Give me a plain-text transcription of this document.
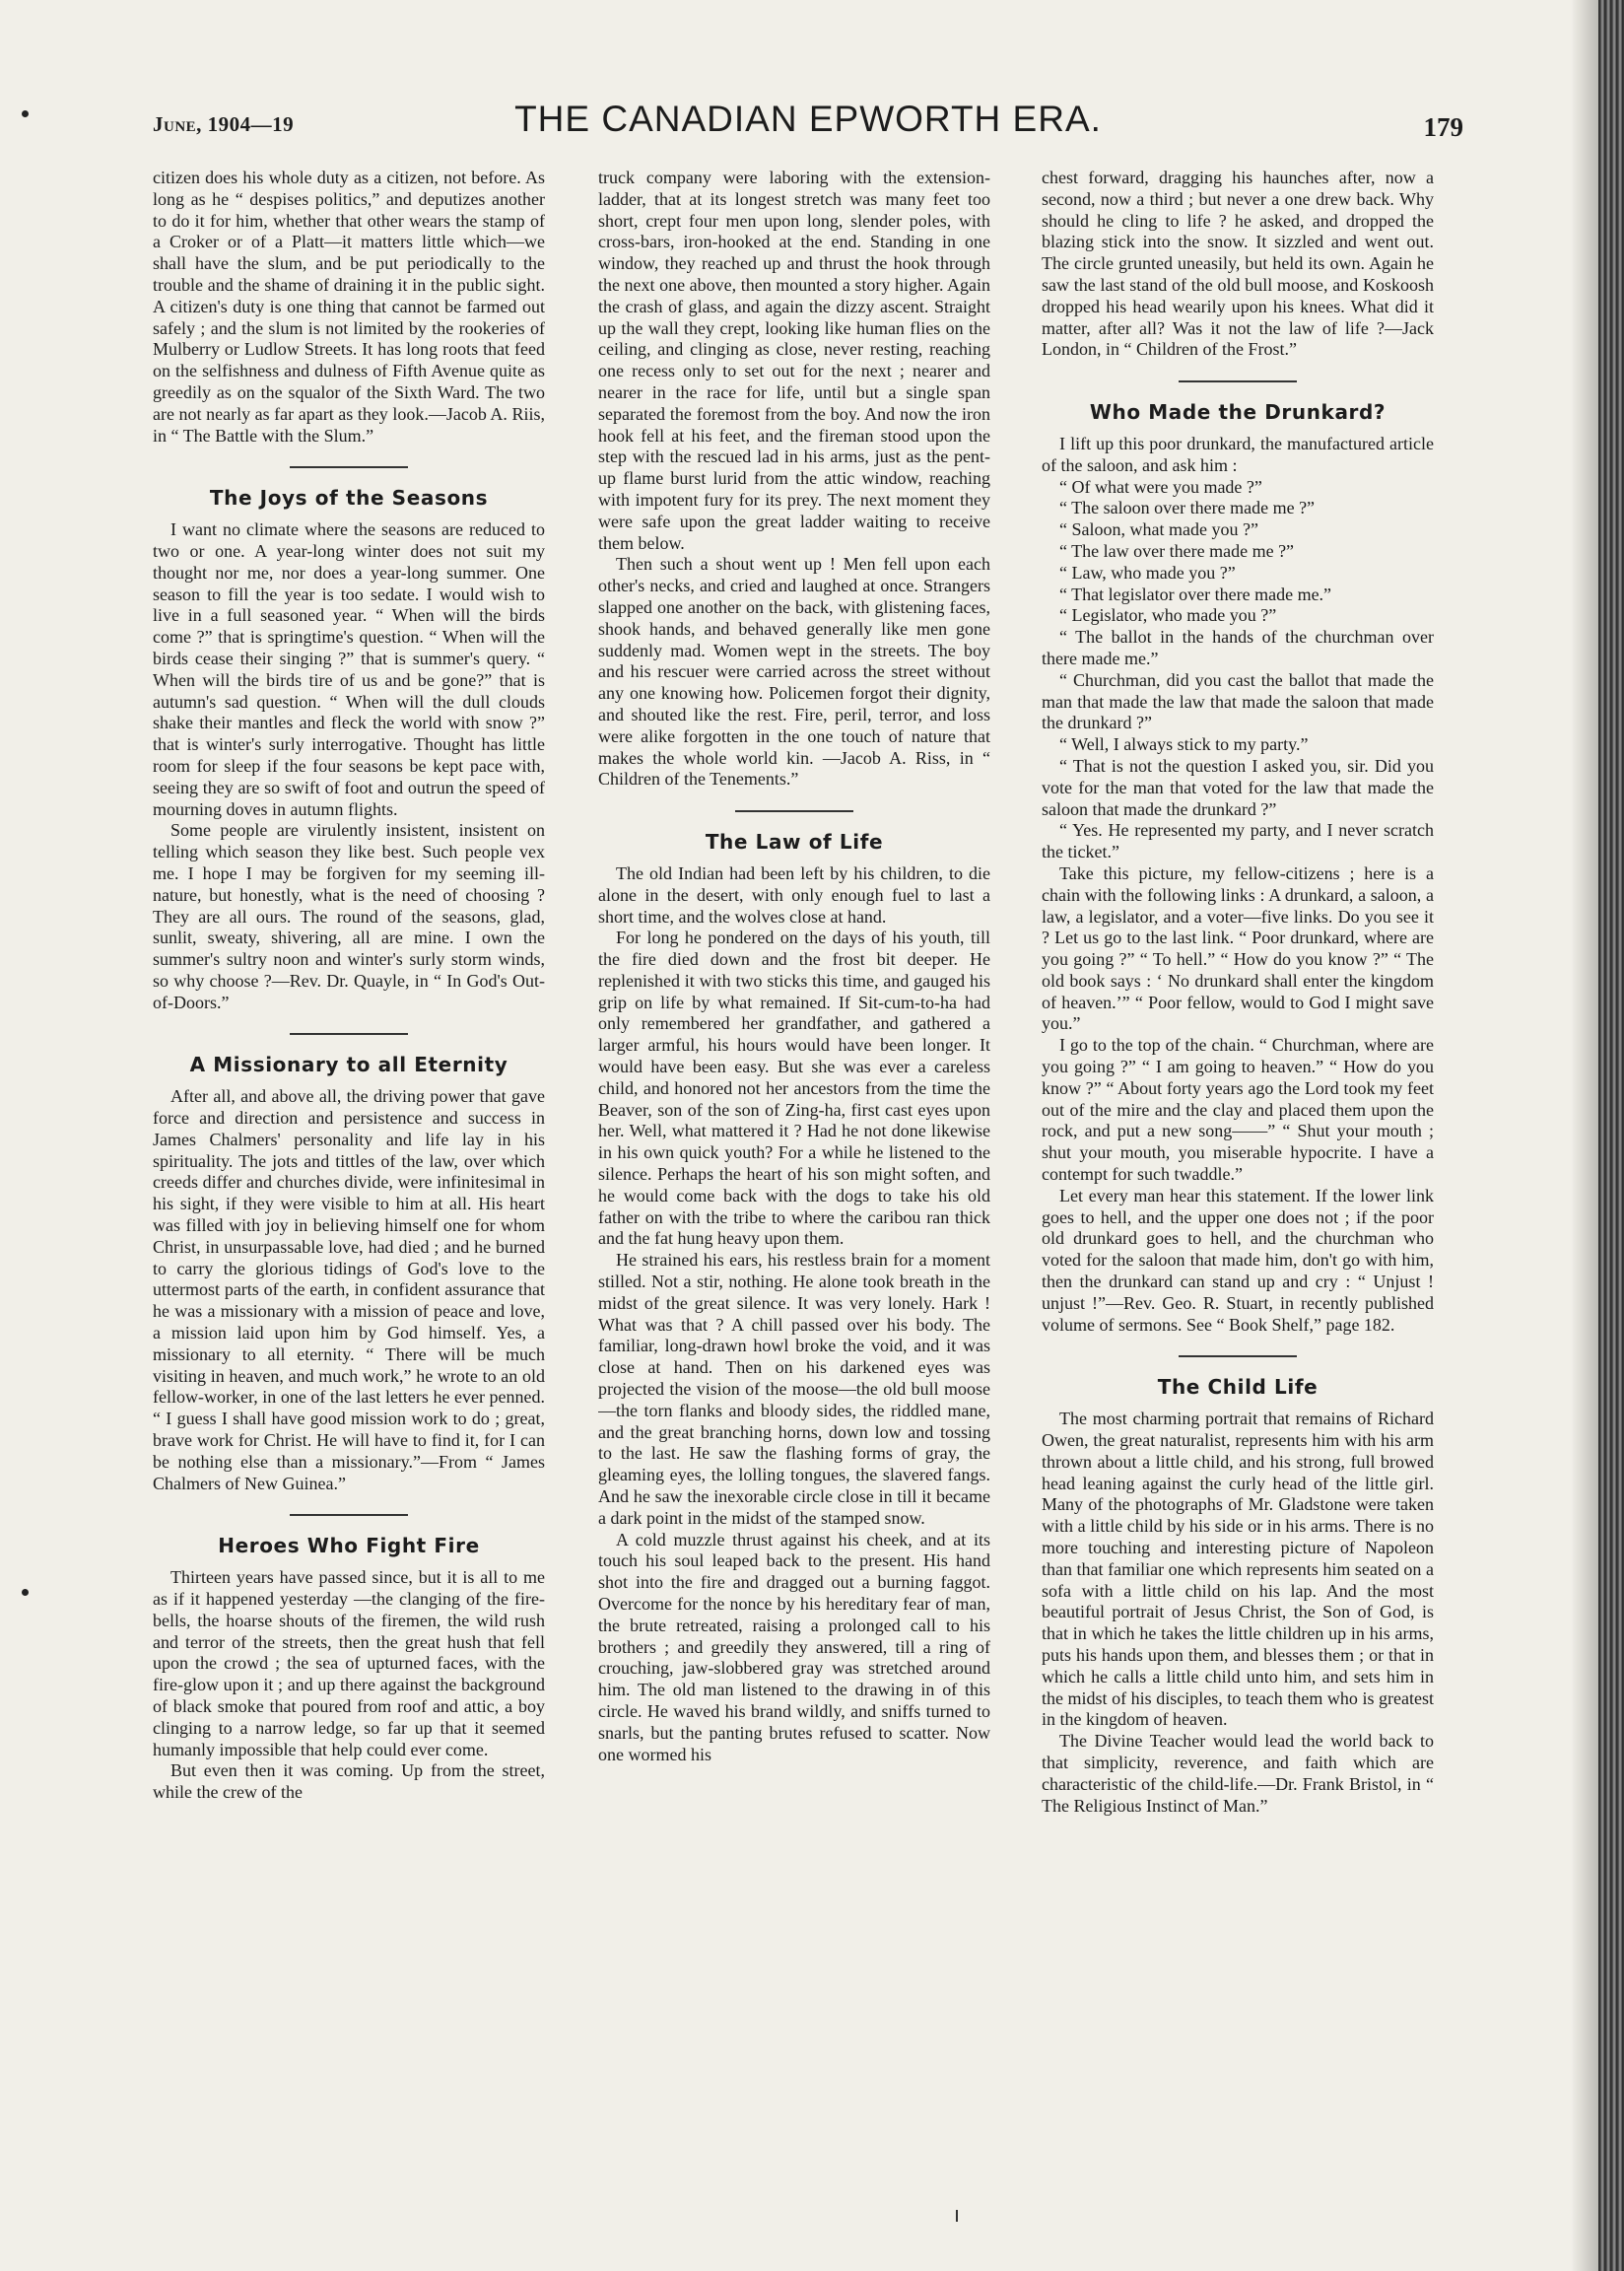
June, 1904—19	THE CANADIAN EPWORTH ERA.	179

citizen does his whole duty as a citizen, not before. As long as he “ despises politics,” and deputizes another to do it for him, whether that other wears the stamp of a Croker or of a Platt—it matters little which—we shall have the slum, and be put periodically to the trouble and the shame of draining it in the public sight. A citizen's duty is one thing that cannot be farmed out safely ; and the slum is not limited by the rookeries of Mulberry or Ludlow Streets. It has long roots that feed on the selfishness and dulness of Fifth Avenue quite as greedily as on the squalor of the Sixth Ward. The two are not nearly as far apart as they look.—Jacob A. Riis, in “ The Battle with the Slum.”

The Joys of the Seasons

I want no climate where the seasons are reduced to two or one. A year-long winter does not suit my thought nor me, nor does a year-long summer. One season to fill the year is too sedate. I would wish to live in a full seasoned year. “ When will the birds come ?” that is springtime's question. “ When will the birds cease their singing ?” that is summer's query. “ When will the birds tire of us and be gone?” that is autumn's sad question. “ When will the dull clouds shake their mantles and fleck the world with snow ?” that is winter's surly interrogative. Thought has little room for sleep if the four seasons be kept pace with, seeing they are so swift of foot and outrun the speed of mourning doves in autumn flights.

Some people are virulently insistent, insistent on telling which season they like best. Such people vex me. I hope I may be forgiven for my seeming ill-nature, but honestly, what is the need of choosing ? They are all ours. The round of the seasons, glad, sunlit, sweaty, shivering, all are mine. I own the summer's sultry noon and winter's surly storm winds, so why choose ?—Rev. Dr. Quayle, in “ In God's Out-of-Doors.”

A Missionary to all Eternity

After all, and above all, the driving power that gave force and direction and persistence and success in James Chalmers' personality and life lay in his spirituality. The jots and tittles of the law, over which creeds differ and churches divide, were infinitesimal in his sight, if they were visible to him at all. His heart was filled with joy in believing himself one for whom Christ, in unsurpassable love, had died ; and he burned to carry the glorious tidings of God's love to the uttermost parts of the earth, in confident assurance that he was a missionary with a mission of peace and love, a mission laid upon him by God himself. Yes, a missionary to all eternity. “ There will be much visiting in heaven, and much work,” he wrote to an old fellow-worker, in one of the last letters he ever penned. “ I guess I shall have good mission work to do ; great, brave work for Christ. He will have to find it, for I can be nothing else than a missionary.”—From “ James Chalmers of New Guinea.”

Heroes Who Fight Fire

Thirteen years have passed since, but it is all to me as if it happened yesterday —the clanging of the fire-bells, the hoarse shouts of the firemen, the wild rush and terror of the streets, then the great hush that fell upon the crowd ; the sea of upturned faces, with the fire-glow upon it ; and up there against the background of black smoke that poured from roof and attic, a boy clinging to a narrow ledge, so far up that it seemed humanly impossible that help could ever come.

But even then it was coming. Up from the street, while the crew of the

truck company were laboring with the extension-ladder, that at its longest stretch was many feet too short, crept four men upon long, slender poles, with cross-bars, iron-hooked at the end. Standing in one window, they reached up and thrust the hook through the next one above, then mounted a story higher. Again the crash of glass, and again the dizzy ascent. Straight up the wall they crept, looking like human flies on the ceiling, and clinging as close, never resting, reaching one recess only to set out for the next ; nearer and nearer in the race for life, until but a single span separated the foremost from the boy. And now the iron hook fell at his feet, and the fireman stood upon the step with the rescued lad in his arms, just as the pent-up flame burst lurid from the attic window, reaching with impotent fury for its prey. The next moment they were safe upon the great ladder waiting to receive them below.

Then such a shout went up ! Men fell upon each other's necks, and cried and laughed at once. Strangers slapped one another on the back, with glistening faces, shook hands, and behaved generally like men gone suddenly mad. Women wept in the streets. The boy and his rescuer were carried across the street without any one knowing how. Policemen forgot their dignity, and shouted like the rest. Fire, peril, terror, and loss were alike forgotten in the one touch of nature that makes the whole world kin. —Jacob A. Riss, in “ Children of the Tenements.”

The Law of Life

The old Indian had been left by his children, to die alone in the desert, with only enough fuel to last a short time, and the wolves close at hand.

For long he pondered on the days of his youth, till the fire died down and the frost bit deeper. He replenished it with two sticks this time, and gauged his grip on life by what remained. If Sit-cum-to-ha had only remembered her grandfather, and gathered a larger armful, his hours would have been longer. It would have been easy. But she was ever a careless child, and honored not her ancestors from the time the Beaver, son of the son of Zing-ha, first cast eyes upon her. Well, what mattered it ? Had he not done likewise in his own quick youth? For a while he listened to the silence. Perhaps the heart of his son might soften, and he would come back with the dogs to take his old father on with the tribe to where the caribou ran thick and the fat hung heavy upon them.

He strained his ears, his restless brain for a moment stilled. Not a stir, nothing. He alone took breath in the midst of the great silence. It was very lonely. Hark ! What was that ? A chill passed over his body. The familiar, long-drawn howl broke the void, and it was close at hand. Then on his darkened eyes was projected the vision of the moose—the old bull moose—the torn flanks and bloody sides, the riddled mane, and the great branching horns, down low and tossing to the last. He saw the flashing forms of gray, the gleaming eyes, the lolling tongues, the slavered fangs. And he saw the inexorable circle close in till it became a dark point in the midst of the stamped snow.

A cold muzzle thrust against his cheek, and at its touch his soul leaped back to the present. His hand shot into the fire and dragged out a burning faggot. Overcome for the nonce by his hereditary fear of man, the brute retreated, raising a prolonged call to his brothers ; and greedily they answered, till a ring of crouching, jaw-slobbered gray was stretched around him. The old man listened to the drawing in of this circle. He waved his brand wildly, and sniffs turned to snarls, but the panting brutes refused to scatter. Now one wormed his

chest forward, dragging his haunches after, now a second, now a third ; but never a one drew back. Why should he cling to life ? he asked, and dropped the blazing stick into the snow. It sizzled and went out. The circle grunted uneasily, but held its own. Again he saw the last stand of the old bull moose, and Koskoosh dropped his head wearily upon his knees. What did it matter, after all? Was it not the law of life ?—Jack London, in “ Children of the Frost.”

Who Made the Drunkard?

I lift up this poor drunkard, the manufactured article of the saloon, and ask him :

“ Of what were you made ?”

“ The saloon over there made me ?”

“ Saloon, what made you ?”

“ The law over there made me ?”

“ Law, who made you ?”

“ That legislator over there made me.”

“ Legislator, who made you ?”

“ The ballot in the hands of the churchman over there made me.”

“ Churchman, did you cast the ballot that made the man that made the law that made the saloon that made the drunkard ?”

“ Well, I always stick to my party.”

“ That is not the question I asked you, sir. Did you vote for the man that voted for the law that made the saloon that made the drunkard ?”

“ Yes. He represented my party, and I never scratch the ticket.”

Take this picture, my fellow-citizens ; here is a chain with the following links : A drunkard, a saloon, a law, a legislator, and a voter—five links. Do you see it ? Let us go to the last link. “ Poor drunkard, where are you going ?” “ To hell.” “ How do you know ?” “ The old book says : ‘ No drunkard shall enter the kingdom of heaven.’” “ Poor fellow, would to God I might save you.”

I go to the top of the chain. “ Churchman, where are you going ?” “ I am going to heaven.” “ How do you know ?” “ About forty years ago the Lord took my feet out of the mire and the clay and placed them upon the rock, and put a new song——” “ Shut your mouth ; shut your mouth, you miserable hypocrite. I have a contempt for such twaddle.”

Let every man hear this statement. If the lower link goes to hell, and the upper one does not ; if the poor old drunkard goes to hell, and the churchman who voted for the saloon that made him, don't go with him, then the drunkard can stand up and cry : “ Unjust ! unjust !”—Rev. Geo. R. Stuart, in recently published volume of sermons. See “ Book Shelf,” page 182.

The Child Life

The most charming portrait that remains of Richard Owen, the great naturalist, represents him with his arm thrown about a little child, and his strong, full browed head leaning against the curly head of the little girl. Many of the photographs of Mr. Gladstone were taken with a little child by his side or in his arms. There is no more touching and interesting picture of Napoleon than that familiar one which represents him seated on a sofa with a little child on his lap. And the most beautiful portrait of Jesus Christ, the Son of God, is that in which he takes the little children up in his arms, puts his hands upon them, and blesses them ; or that in which he calls a little child unto him, and sets him in the midst of his disciples, to teach them who is greatest in the kingdom of heaven.

The Divine Teacher would lead the world back to that simplicity, reverence, and faith which are characteristic of the child-life.—Dr. Frank Bristol, in “ The Religious Instinct of Man.”
